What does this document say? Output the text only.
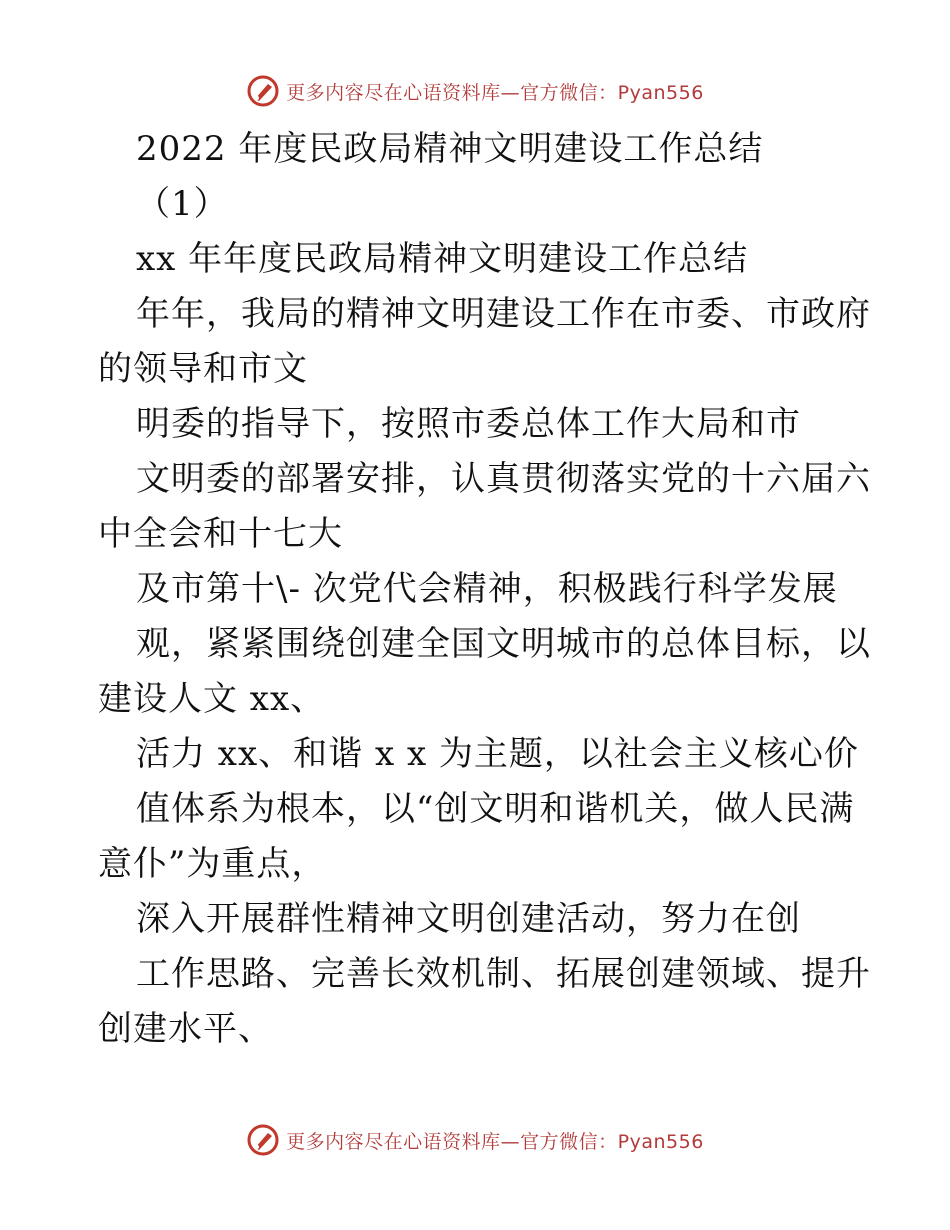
更多内容尽在心语资料库—官方微信：Pyan556
2022 年度民政局精神文明建设工作总结
（1）
xx 年年度民政局精神文明建设工作总结
年年，我局的精神文明建设工作在市委、市政府
的领导和市文
明委的指导下，按照市委总体工作大局和市
文明委的部署安排，认真贯彻落实党的十六届六
中全会和十七大
及市第十\- 次党代会精神，积极践行科学发展
观，紧紧围绕创建全国文明城市的总体目标，以
建设人文 xx、
活力 xx、和谐 x x 为主题，以社会主义核心价
值体系为根本，以“创文明和谐机关，做人民满
意仆”为重点，
深入开展群性精神文明创建活动，努力在创
工作思路、完善长效机制、拓展创建领域、提升
创建水平、
更多内容尽在心语资料库—官方微信：Pyan556
